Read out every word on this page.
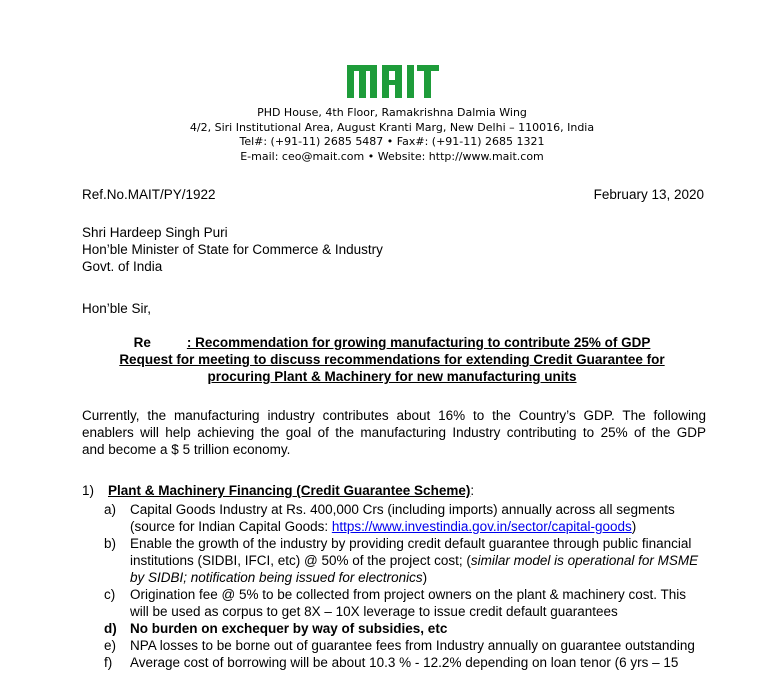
PHD House, 4th Floor, Ramakrishna Dalmia Wing
4/2, Siri Institutional Area, August Kranti Marg, New Delhi – 110016, India
Tel#: (+91-11) 2685 5487 • Fax#: (+91-11) 2685 1321
E-mail: ceo@mait.com • Website: http://www.mait.com
Ref.No.MAIT/PY/1922	February 13, 2020
Shri Hardeep Singh Puri
Hon’ble Minister of State for Commerce & Industry
Govt. of India
Hon’ble Sir,
Re	: Recommendation for growing manufacturing to contribute 25% of GDP
Request for meeting to discuss recommendations for extending Credit Guarantee for
procuring Plant & Machinery for new manufacturing units
Currently, the manufacturing industry contributes about 16% to the Country’s GDP. The following
enablers will help achieving the goal of the manufacturing Industry contributing to 25% of the GDP
and become a $ 5 trillion economy.
1) Plant & Machinery Financing (Credit Guarantee Scheme):
a)	Capital Goods Industry at Rs. 400,000 Crs (including imports) annually across all segments
(source for Indian Capital Goods: https://www.investindia.gov.in/sector/capital-goods)
b)	Enable the growth of the industry by providing credit default guarantee through public financial
institutions (SIDBI, IFCI, etc) @ 50% of the project cost; (similar model is operational for MSME
by SIDBI; notification being issued for electronics)
c)	Origination fee @ 5% to be collected from project owners on the plant & machinery cost. This
will be used as corpus to get 8X – 10X leverage to issue credit default guarantees
d) No burden on exchequer by way of subsidies, etc
e)	NPA losses to be borne out of guarantee fees from Industry annually on guarantee outstanding
f)	Average cost of borrowing will be about 10.3 % - 12.2% depending on loan tenor (6 yrs – 15
